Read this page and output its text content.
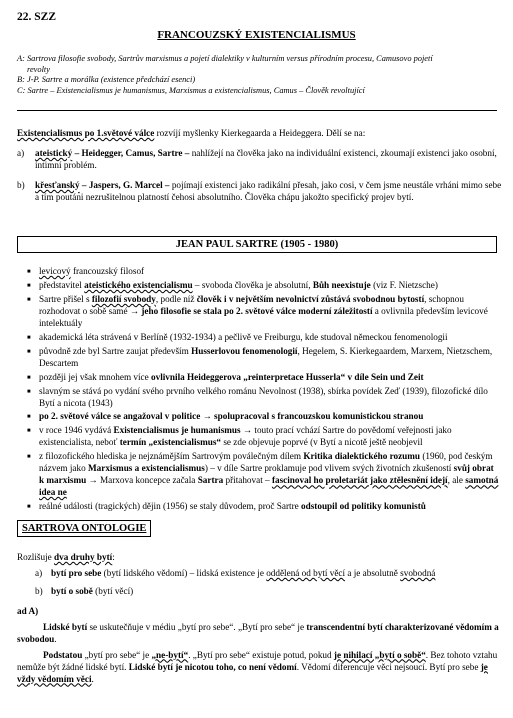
22. SZZ
FRANCOUZSKÝ EXISTENCIALISMUS
A: Sartrova filosofie svobody, Sartrův marxismus a pojetí dialektiky v kulturním versus přírodním procesu, Camusovo pojetí
revolty
B: J-P. Sartre a morálka (existence předchází esenci)
C: Sartre – Existencialismus je humanismus, Marxismus a existencialismus, Camus – Člověk revoltující
Existencialismus po 1.světové válce rozvíjí myšlenky Kierkegaarda a Heideggera. Dělí se na:
a)	ateistický – Heidegger, Camus, Sartre – nahlížejí na člověka jako na individuální existenci, zkoumají existenci jako osobní, intimní problém.
b)	křesťanský – Jaspers, G. Marcel – pojímají existenci jako radikální přesah, jako cosi, v čem jsme neustále vrháni mimo sebe a tím poutáni nezrušitelnou platností čehosi absolutního. Člověka chápu jakožto specifický projev bytí.
JEAN PAUL SARTRE (1905 - 1980)
■ levicový francouzský filosof
■ představitel ateistického existencialismu – svoboda člověka je absolutní, Bůh neexistuje (viz F. Nietzsche)
■ Sartre přišel s filozofií svobody, podle níž člověk i v největším nevolnictví zůstává svobodnou bytostí, schopnou rozhodovat o sobě samé → jeho filosofie se stala po 2. světové válce moderní záležitostí a ovlivnila především levicové intelektuály
■ akademická léta strávená v Berlíně (1932-1934) a pečlivě ve Freiburgu, kde studoval německou fenomenologii
■ původně zde byl Sartre zaujat především Husserlovou fenomenologií, Hegelem, S. Kierkegaardem, Marxem, Nietzschem, Descartem
■ později jej však mnohem více ovlivnila Heideggerova „reinterpretace Husserla“ v díle Sein und Zeit
■ slavným se stává po vydání svého prvního velkého románu Nevolnost (1938), sbírka povídek Zeď (1939), filozofické dílo Bytí a nicota (1943)
■ po 2. světové válce se angažoval v politice → spolupracoval s francouzskou komunistickou stranou
■ v roce 1946 vydává Existencialismus je humanismus → touto prací vchází Sartre do povědomí veřejnosti jako existencialista, neboť termín „existencialismus“ se zde objevuje poprvé (v Bytí a nicotě ještě neobjevil
■ z filozofického hlediska je nejznámějším Sartrovým poválečným dílem Kritika dialektického rozumu (1960, pod českým názvem jako Marxismus a existencialismus) – v díle Sartre proklamuje pod vlivem svých životních zkušeností svůj obrat k marxismu → Marxova koncepce začala Sartra přitahovat – fascinoval ho proletariát jako ztělesnění idejí, ale samotná idea ne
■ reálné události (tragických) dějin (1956) se staly důvodem, proč Sartre odstoupil od politiky komunistů
SARTROVA ONTOLOGIE

Rozlišuje dva druhy bytí:

a) bytí pro sebe (bytí lidského vědomí) – lidská existence je oddělená od bytí věcí a je absolutně svobodná
b) bytí o sobě (bytí věcí)

ad A)

Lidské bytí se uskutečňuje v médiu „bytí pro sebe“. „Bytí pro sebe“ je transcendentní bytí charakterizované vědomím a svobodou.

Podstatou „bytí pro sebe“ je „ne-bytí“. „Bytí pro sebe“ existuje potud, pokud je nihilací „bytí o sobě“. Bez tohoto vztahu nemůže být žádné lidské bytí. Lidské bytí je nicotou toho, co není vědomí. Vědomí diferencuje věci nejsoucí. Bytí pro sebe je vždy vědomím věci.
